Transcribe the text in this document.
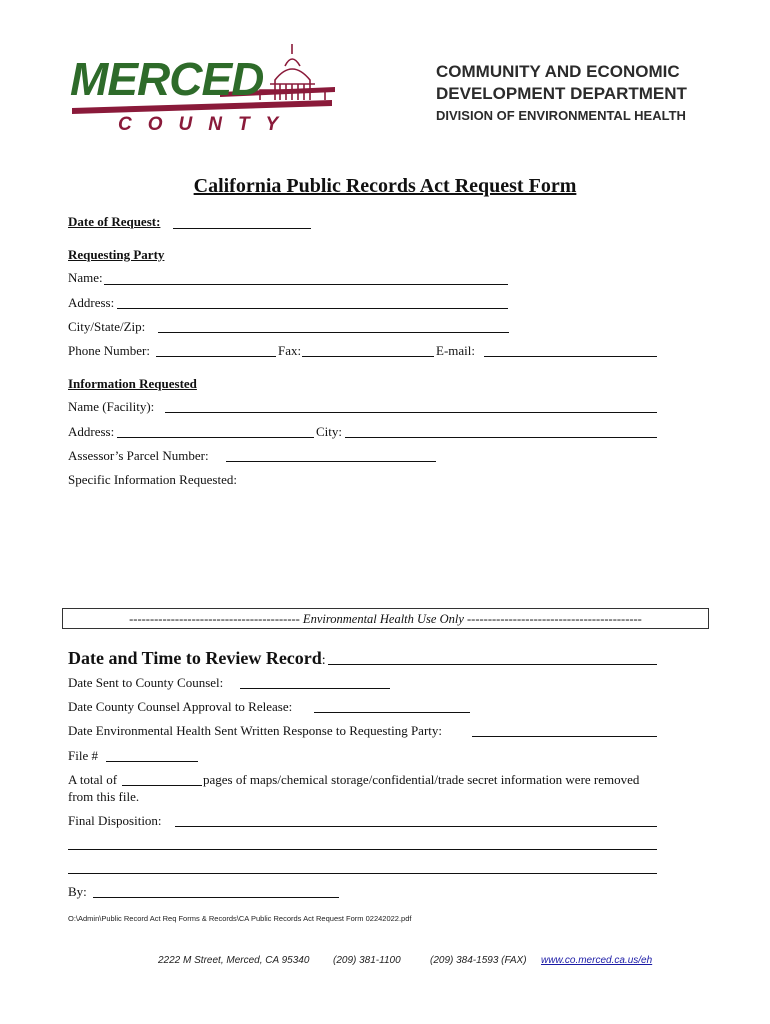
MERCED
COUNTY
COMMUNITY AND ECONOMIC
DEVELOPMENT DEPARTMENT
DIVISION OF ENVIRONMENTAL HEALTH
California Public Records Act Request Form
Date of Request:
Requesting Party
Name:
Address:
City/State/Zip:
Phone Number:	Fax:	E-mail:
Information Requested
Name (Facility):
Address:	City:
Assessor’s Parcel Number:
Specific Information Requested:
----------------------------------------- Environmental Health Use Only ------------------------------------------
Date and Time to Review Record:
Date Sent to County Counsel:
Date County Counsel Approval to Release:
Date Environmental Health Sent Written Response to Requesting Party:
File #
A total of	pages of maps/chemical storage/confidential/trade secret information were removed
from this file.
Final Disposition:
By:
O:\Admin\Public Record Act Req Forms & Records\CA Public Records Act Request Form 02242022.pdf
2222 M Street, Merced, CA 95340 (209) 381-1100	(209) 384-1593 (FAX) www.co.merced.ca.us/eh
